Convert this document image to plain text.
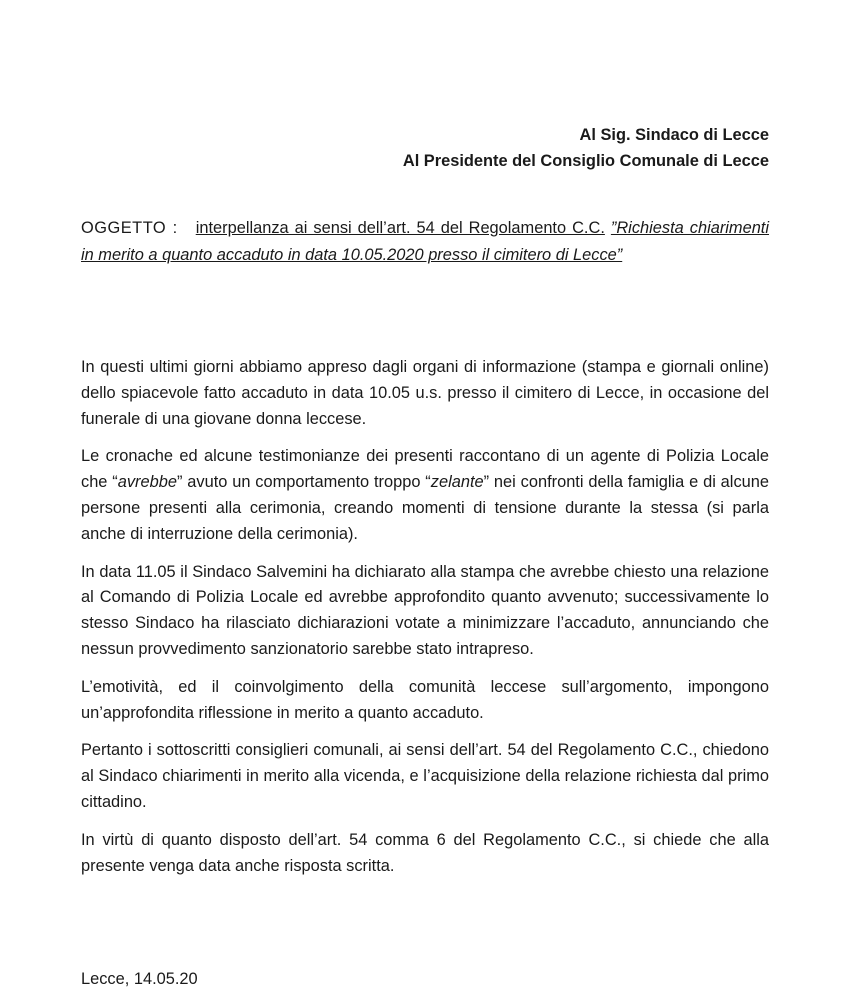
Al Sig. Sindaco di Lecce
Al Presidente del Consiglio Comunale di Lecce
OGGETTO : interpellanza ai sensi dell’art. 54 del Regolamento C.C. ”Richiesta chiarimenti in merito a quanto accaduto in data 10.05.2020 presso il cimitero di Lecce”

In questi ultimi giorni abbiamo appreso dagli organi di informazione (stampa e giornali online) dello spiacevole fatto accaduto in data 10.05 u.s. presso il cimitero di Lecce, in occasione del funerale di una giovane donna leccese.

Le cronache ed alcune testimonianze dei presenti raccontano di un agente di Polizia Locale che “avrebbe” avuto un comportamento troppo “zelante” nei confronti della famiglia e di alcune persone presenti alla cerimonia, creando momenti di tensione durante la stessa (si parla anche di interruzione della cerimonia).

In data 11.05 il Sindaco Salvemini ha dichiarato alla stampa che avrebbe chiesto una relazione al Comando di Polizia Locale ed avrebbe approfondito quanto avvenuto; successivamente lo stesso Sindaco ha rilasciato dichiarazioni votate a minimizzare l’accaduto, annunciando che nessun provvedimento sanzionatorio sarebbe stato intrapreso.

L’emotività, ed il coinvolgimento della comunità leccese sull’argomento, impongono un’approfondita riflessione in merito a quanto accaduto.

Pertanto i sottoscritti consiglieri comunali, ai sensi dell’art. 54 del Regolamento C.C., chiedono al Sindaco chiarimenti in merito alla vicenda, e l’acquisizione della relazione richiesta dal primo cittadino.

In virtù di quanto disposto dell’art. 54 comma 6 del Regolamento C.C., si chiede che alla presente venga data anche risposta scritta.

Lecce, 14.05.20
